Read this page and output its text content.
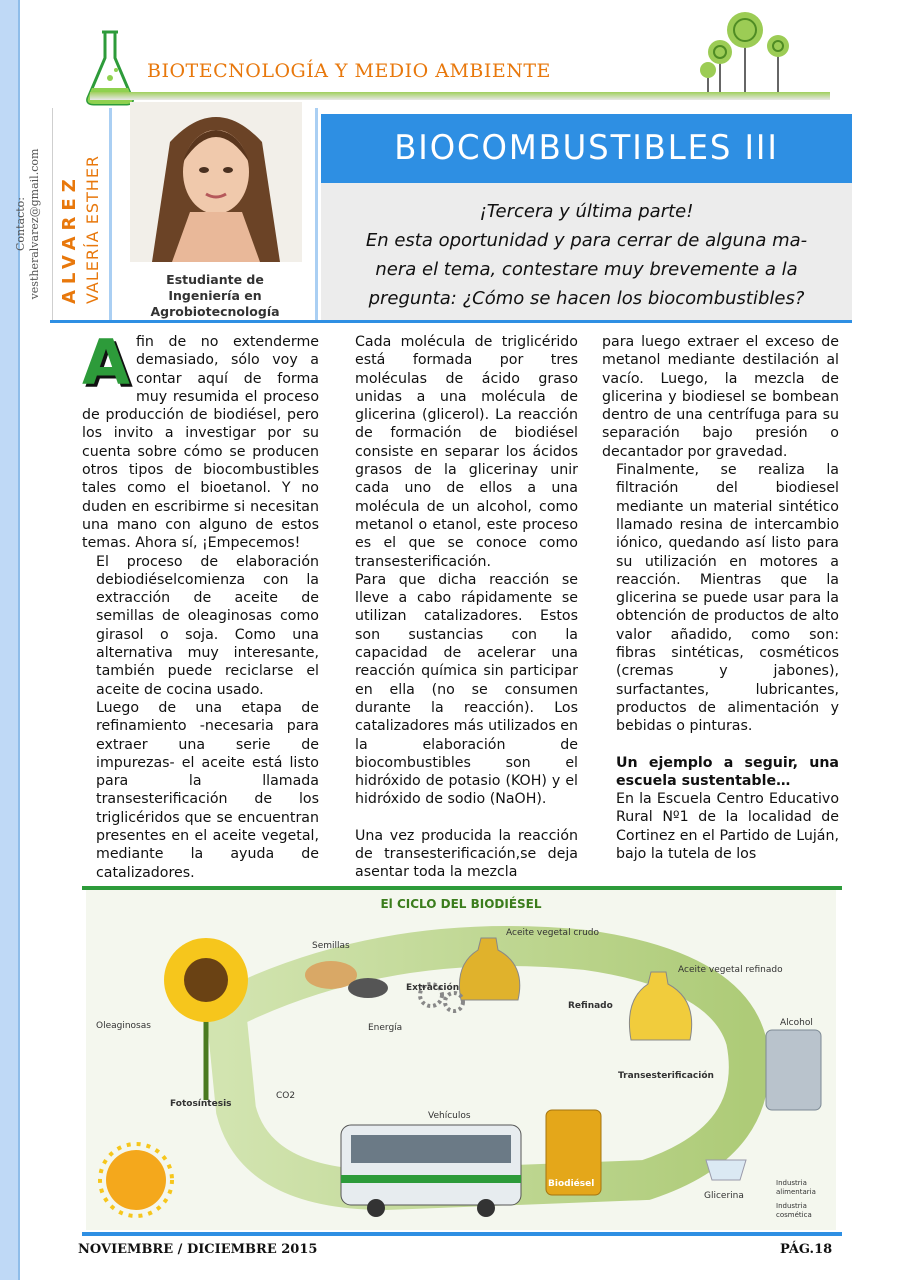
BIOTECNOLOGÍA Y MEDIO AMBIENTE
Contacto: vestheralvarez@gmail.com ALVAREZ VALERÍA ESTHER	Estudiante de
Ingeniería en
Agrobiotecnología
BIOCOMBUSTIBLES III
¡Tercera y última parte!
En esta oportunidad y para cerrar de alguna ma-
nera el tema, contestare muy brevemente a la
pregunta: ¿Cómo se hacen los biocombustibles?
A fin de no extenderme demasiado, sólo voy a contar aquí de forma muy resumida el proceso de producción de biodiésel, pero los invito a investigar por su cuenta sobre cómo se producen otros tipos de biocombustibles tales como el bioetanol. Y no duden en escribirme si necesitan una mano con alguno de estos temas. Ahora sí, ¡Empecemos!

El proceso de elaboración debiodiéselcomienza con la extracción de aceite de semillas de oleaginosas como girasol o soja. Como una alternativa muy interesante, también puede reciclarse el aceite de cocina usado.

Luego de una etapa de refinamiento -necesaria para extraer una serie de impurezas- el aceite está listo para la llamada transesterificación de los triglicéridos que se encuentran presentes en el aceite vegetal, mediante la ayuda de catalizadores.

Cada molécula de triglicérido está formada por tres moléculas de ácido graso unidas a una molécula de glicerina (glicerol). La reacción de formación de biodiésel consiste en separar los ácidos grasos de la glicerinay unir cada uno de ellos a una molécula de un alcohol, como metanol o etanol, este proceso es el que se conoce como transesterificación.

Para que dicha reacción se lleve a cabo rápidamente se utilizan catalizadores. Estos son sustancias con la capacidad de acelerar una reacción química sin participar en ella (no se consumen durante la reacción). Los catalizadores más utilizados en la elaboración de biocombustibles son el hidróxido de potasio (KOH) y el hidróxido de sodio (NaOH).

Una vez producida la reacción de transesterificación,se deja asentar toda la mezcla

para luego extraer el exceso de metanol mediante destilación al vacío. Luego, la mezcla de glicerina y biodiesel se bombean dentro de una centrífuga para su separación bajo presión o decantador por gravedad.

Finalmente, se realiza la filtración del biodiesel mediante un material sintético llamado resina de intercambio iónico, quedando así listo para su utilización en motores a reacción. Mientras que la glicerina se puede usar para la obtención de productos de alto valor añadido, como son: fibras sintéticas, cosméticos (cremas y jabones), surfactantes, lubricantes, productos de alimentación y bebidas o pinturas.

Un ejemplo a seguir, una escuela sustentable…

En la Escuela Centro Educativo Rural Nº1 de la localidad de Cortinez en el Partido de Luján, bajo la tutela de los

El CICLO DEL BIODIÉSEL
Semillas
Extracción
Aceite vegetal crudo
Refinado
Aceite vegetal refinado
Alcohol
Oleaginosas	Energía
Transesterificación
Fotosíntesis
CO2
Vehículos
Biodiésel
Glicerina
Industria
alimentaria
Industria
cosmética
NOVIEMBRE / DICIEMBRE 2015	PÁG.18
